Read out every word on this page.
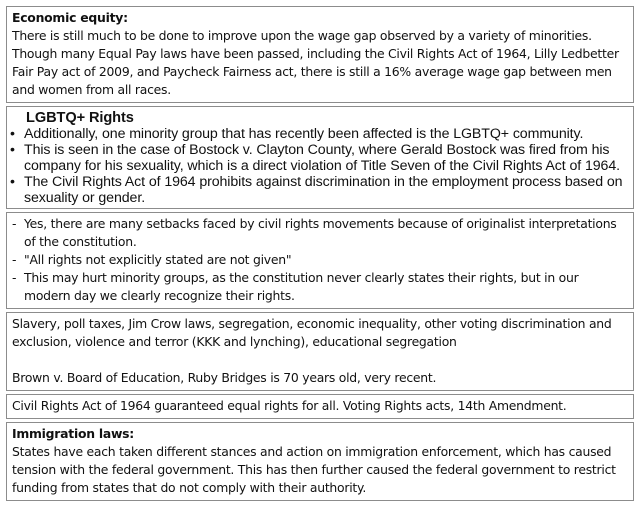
Economic equity:

There is still much to be done to improve upon the wage gap observed by a variety of minorities. Though many Equal Pay laws have been passed, including the Civil Rights Act of 1964, Lilly Ledbetter Fair Pay act of 2009, and Paycheck Fairness act, there is still a 16% average wage gap between men and women from all races.

LGBTQ+ Rights

• Additionally, one minority group that has recently been affected is the LGBTQ+ community.
• This is seen in the case of Bostock v. Clayton County, where Gerald Bostock was fired from his company for his sexuality, which is a direct violation of Title Seven of the Civil Rights Act of 1964.
• The Civil Rights Act of 1964 prohibits against discrimination in the employment process based on sexuality or gender.
- Yes, there are many setbacks faced by civil rights movements because of originalist interpretations of the constitution.
- "All rights not explicitly stated are not given"
- This may hurt minority groups, as the constitution never clearly states their rights, but in our modern day we clearly recognize their rights.

Slavery, poll taxes, Jim Crow laws, segregation, economic inequality, other voting discrimination and exclusion, violence and terror (KKK and lynching), educational segregation

Brown v. Board of Education, Ruby Bridges is 70 years old, very recent.

Civil Rights Act of 1964 guaranteed equal rights for all. Voting Rights acts, 14th Amendment.

Immigration laws:

States have each taken different stances and action on immigration enforcement, which has caused tension with the federal government. This has then further caused the federal government to restrict funding from states that do not comply with their authority.
